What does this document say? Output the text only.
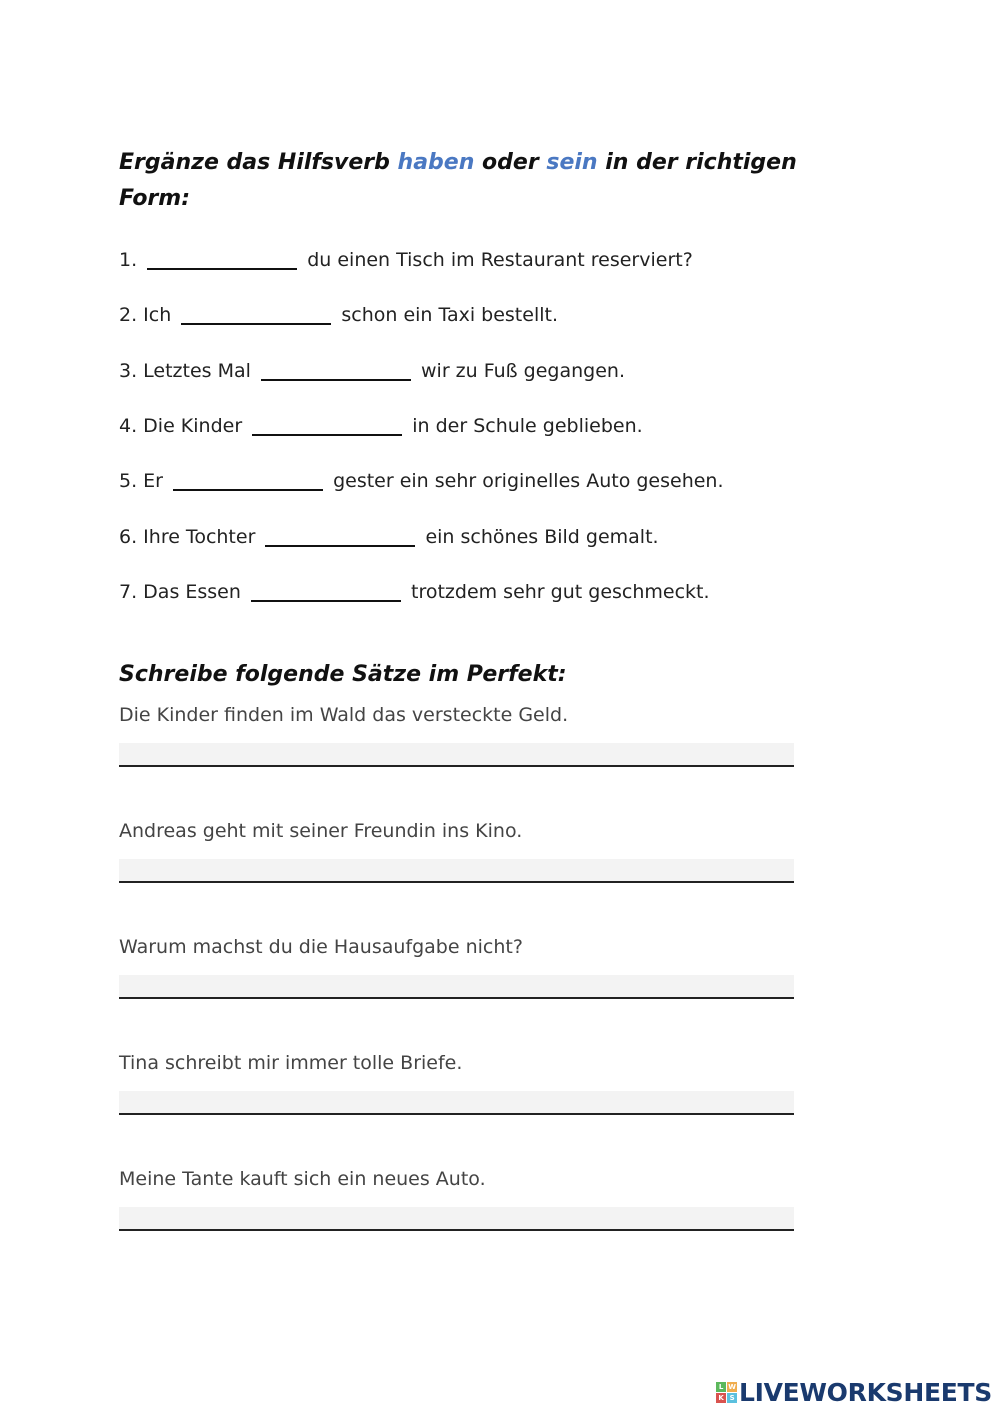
Ergänze das Hilfsverb haben oder sein in der richtigen Form:
1.	du einen Tisch im Restaurant reserviert?
2. Ich	schon ein Taxi bestellt.
3. Letztes Mal	wir zu Fuß gegangen.
4. Die Kinder	in der Schule geblieben.
5. Er	gester ein sehr originelles Auto gesehen.
6. Ihre Tochter	ein schönes Bild gemalt.
7. Das Essen	trotzdem sehr gut geschmeckt.
Schreibe folgende Sätze im Perfekt:
Die Kinder finden im Wald das versteckte Geld.
Andreas geht mit seiner Freundin ins Kino.
Warum machst du die Hausaufgabe nicht?
Tina schreibt mir immer tolle Briefe.
Meine Tante kauft sich ein neues Auto.
L W
K S LIVEWORKSHEETS
